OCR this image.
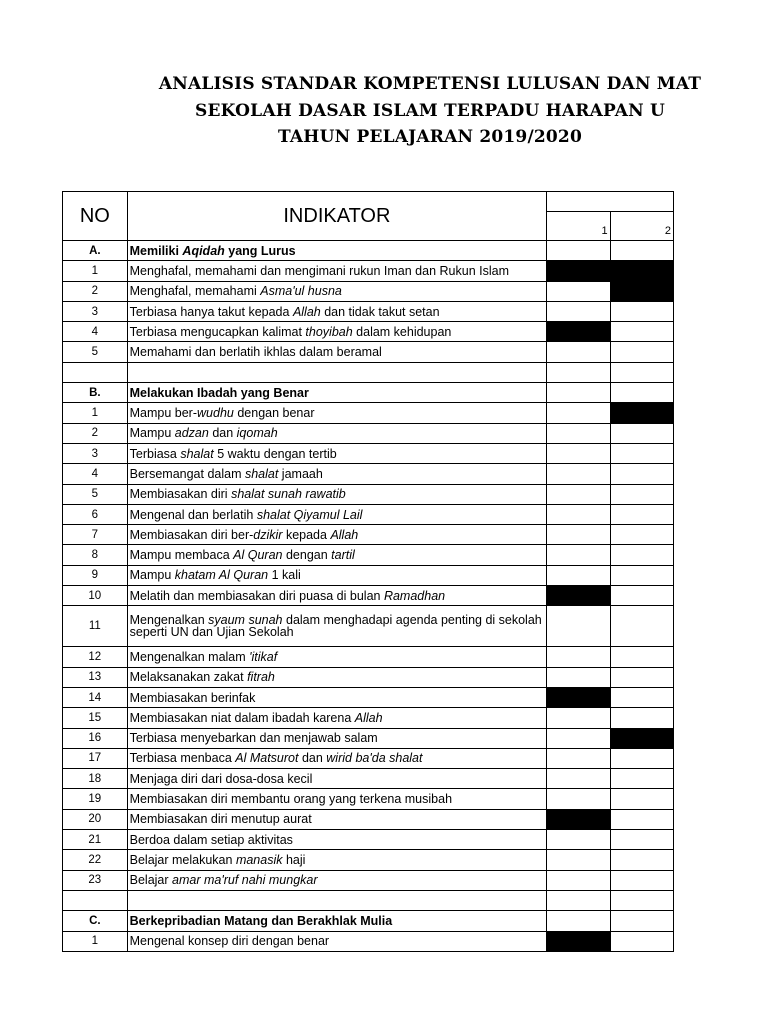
ANALISIS STANDAR KOMPETENSI LULUSAN DAN MAT
SEKOLAH DASAR ISLAM TERPADU HARAPAN U
TAHUN PELAJARAN 2019/2020
NO	INDIKATOR		
		1	2
A.	Memiliki Aqidah yang Lurus		
1	Menghafal, memahami dan mengimani rukun Iman dan Rukun Islam		
2	Menghafal, memahami Asma'ul husna		
3	Terbiasa hanya takut kepada Allah dan tidak takut setan		
4	Terbiasa mengucapkan kalimat thoyibah dalam kehidupan		
5	Memahami dan berlatih ikhlas dalam beramal		

B.	Melakukan Ibadah yang Benar		
1	Mampu ber-wudhu dengan benar		
2	Mampu adzan dan iqomah		
3	Terbiasa shalat 5 waktu dengan tertib		
4	Bersemangat dalam shalat jamaah		
5	Membiasakan diri shalat sunah rawatib		
6	Mengenal dan berlatih shalat Qiyamul Lail		
7	Membiasakan diri ber-dzikir kepada Allah		
8	Mampu membaca Al Quran dengan tartil		
9	Mampu khatam Al Quran 1 kali		
10	Melatih dan membiasakan diri puasa di bulan Ramadhan		
11	Mengenalkan syaum sunah dalam menghadapi agenda penting di sekolah seperti UN dan Ujian Sekolah		
12	Mengenalkan malam 'itikaf		
13	Melaksanakan zakat fitrah		
14	Membiasakan berinfak		
15	Membiasakan niat dalam ibadah karena Allah		
16	Terbiasa menyebarkan dan menjawab salam		
17	Terbiasa menbaca Al Matsurot dan wirid ba'da shalat		
18	Menjaga diri dari dosa-dosa kecil		
19	Membiasakan diri membantu orang yang terkena musibah		
20	Membiasakan diri menutup aurat		
21	Berdoa dalam setiap aktivitas		
22	Belajar melakukan manasik haji		
23	Belajar amar ma'ruf nahi mungkar		

C.	Berkepribadian Matang dan Berakhlak Mulia		
1	Mengenal konsep diri dengan benar		
